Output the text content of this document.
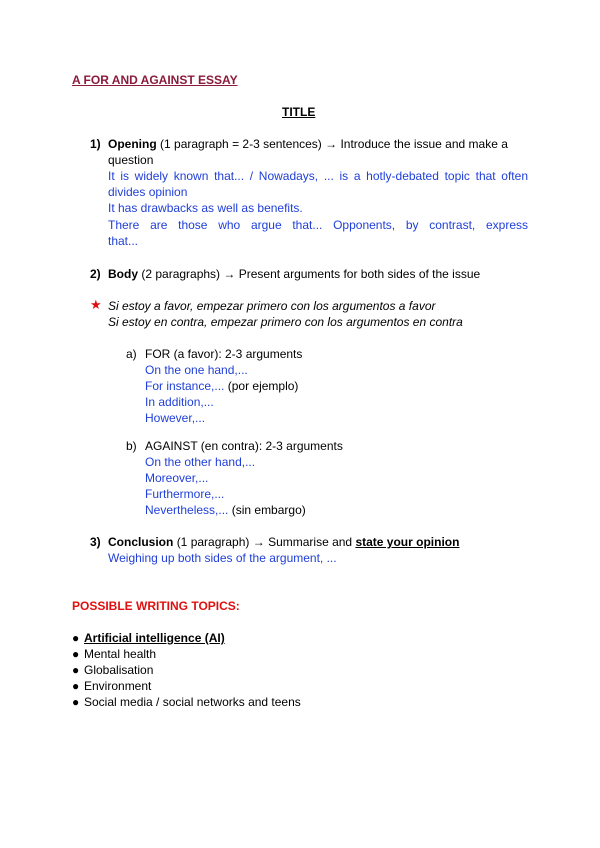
A FOR AND AGAINST ESSAY
TITLE
1) Opening (1 paragraph = 2-3 sentences) → Introduce the issue and make a
question
It is widely known that... / Nowadays, ... is a hotly-debated topic that often
divides opinion
It has drawbacks as well as benefits.
There are those who argue that... Opponents, by contrast, express
that...
2) Body (2 paragraphs) → Present arguments for both sides of the issue
★ Si estoy a favor, empezar primero con los argumentos a favor
Si estoy en contra, empezar primero con los argumentos en contra
a) FOR (a favor): 2-3 arguments
On the one hand,...
For instance,... (por ejemplo)
In addition,...
However,...
b) AGAINST (en contra): 2-3 arguments
On the other hand,...
Moreover,...
Furthermore,...
Nevertheless,... (sin embargo)
3) Conclusion (1 paragraph) → Summarise and state your opinion
Weighing up both sides of the argument, ...
POSSIBLE WRITING TOPICS:
● Artificial intelligence (AI)
● Mental health
● Globalisation
● Environment
● Social media / social networks and teens
